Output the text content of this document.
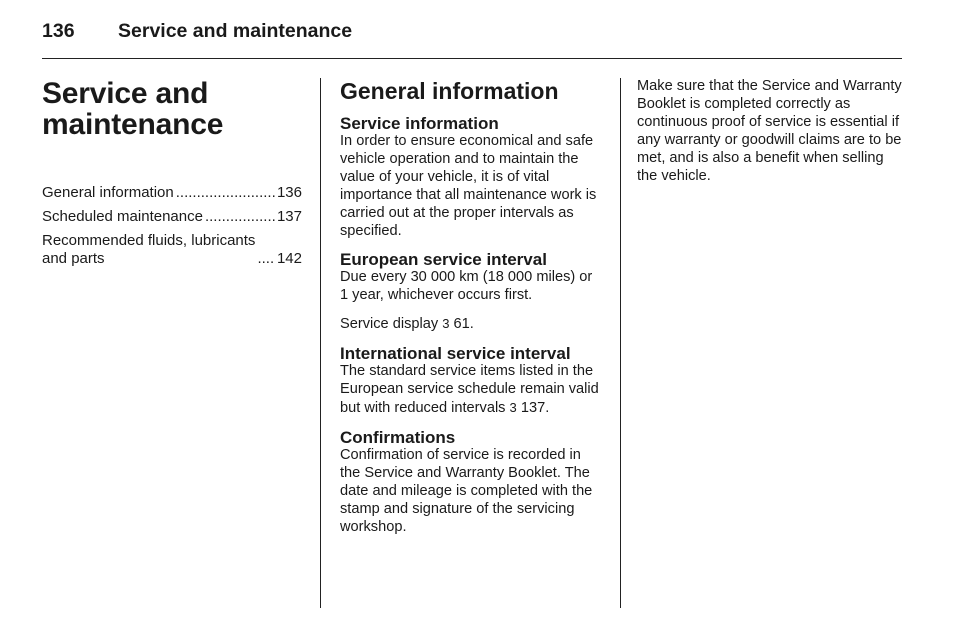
136 Service and maintenance
Service and maintenance
General information .....	136
Scheduled maintenance .....	137
Recommended fluids, lubricants
and parts .....	142
General information
Service information

In order to ensure economical and safe vehicle operation and to maintain the value of your vehicle, it is of vital importance that all maintenance work is carried out at the proper intervals as specified.

European service interval

Due every 30 000 km (18 000 miles) or 1 year, whichever occurs first.

Service display 3 61.

International service interval

The standard service items listed in the European service schedule remain valid but with reduced intervals 3 137.

Confirmations

Confirmation of service is recorded in the Service and Warranty Booklet. The date and mileage is completed with the stamp and signature of the servicing workshop.

Make sure that the Service and Warranty Booklet is completed correctly as continuous proof of service is essential if any warranty or goodwill claims are to be met, and is also a benefit when selling the vehicle.
